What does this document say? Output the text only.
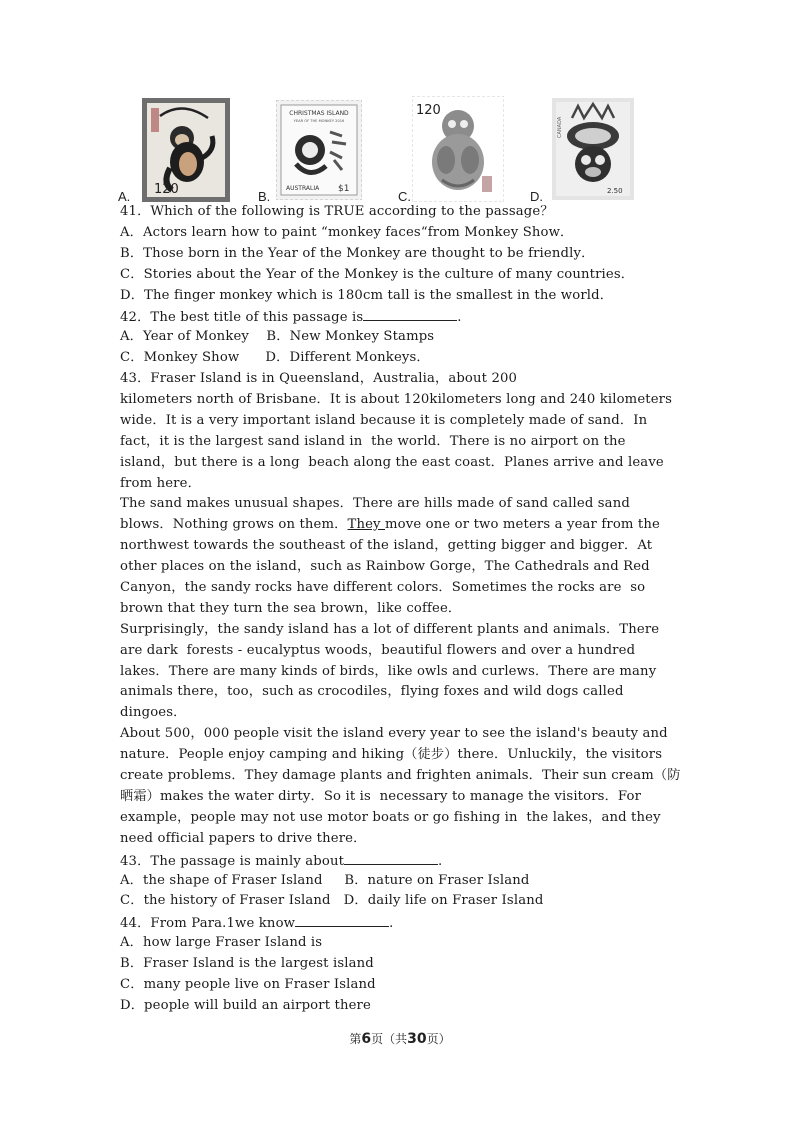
A. 120	B.
CHRISTMAS ISLAND
YEAR OF THE MONKEY 2016
AUSTRALIA $1	C.
120
D.
CANADA
2.50
41．Which of the following is TRUE according to the passage？
A．Actors learn how to paint “monkey faces“from Monkey Show．
B．Those born in the Year of the Monkey are thought to be friendly．
C．Stories about the Year of the Monkey is the culture of many countries．
D．The finger monkey which is 180cm tall is the smallest in the world．
42．The best title of this passage is	.
A．Year of Monkey    B．New Monkey Stamps
C．Monkey Show      D．Different Monkeys．
43．Fraser Island is in Queensland，Australia，about 200
kilometers north of Brisbane．It is about 120kilometers long and 240 kilometers
wide．It is a very important island because it is completely made of sand．In
fact，it is the largest sand island in  the world．There is no airport on the
island，but there is a long  beach along the east coast．Planes arrive and leave
from here．
The sand makes unusual shapes．There are hills made of sand called sand
blows．Nothing grows on them．They move one or two meters a year from the
northwest towards the southeast of the island，getting bigger and bigger．At
other places on the island，such as Rainbow Gorge，The Cathedrals and Red
Canyon，the sandy rocks have different colors．Sometimes the rocks are  so
brown that they turn the sea brown，like coffee．
Surprisingly，the sandy island has a lot of different plants and animals．There
are dark  forests - eucalyptus woods，beautiful flowers and over a hundred
lakes．There are many kinds of birds，like owls and curlews．There are many
animals there，too，such as crocodiles，flying foxes and wild dogs called
dingoes．
About 500，000 people visit the island every year to see the island's beauty and
nature．People enjoy camping and hiking（徒步）there．Unluckily，the visitors
create problems．They damage plants and frighten animals．Their sun cream（防
晒霜）makes the water dirty．So it is  necessary to manage the visitors．For
example，people may not use motor boats or go fishing in  the lakes，and they
need official papers to drive there．
43．The passage is mainly about	.
A．the shape of Fraser Island     B．nature on Fraser Island
C．the history of Fraser Island   D．daily life on Fraser Island
44．From Para.1we know	.
A．how large Fraser Island is
B．Fraser Island is the largest island
C．many people live on Fraser Island
D．people will build an airport there
第6页（共30页）
